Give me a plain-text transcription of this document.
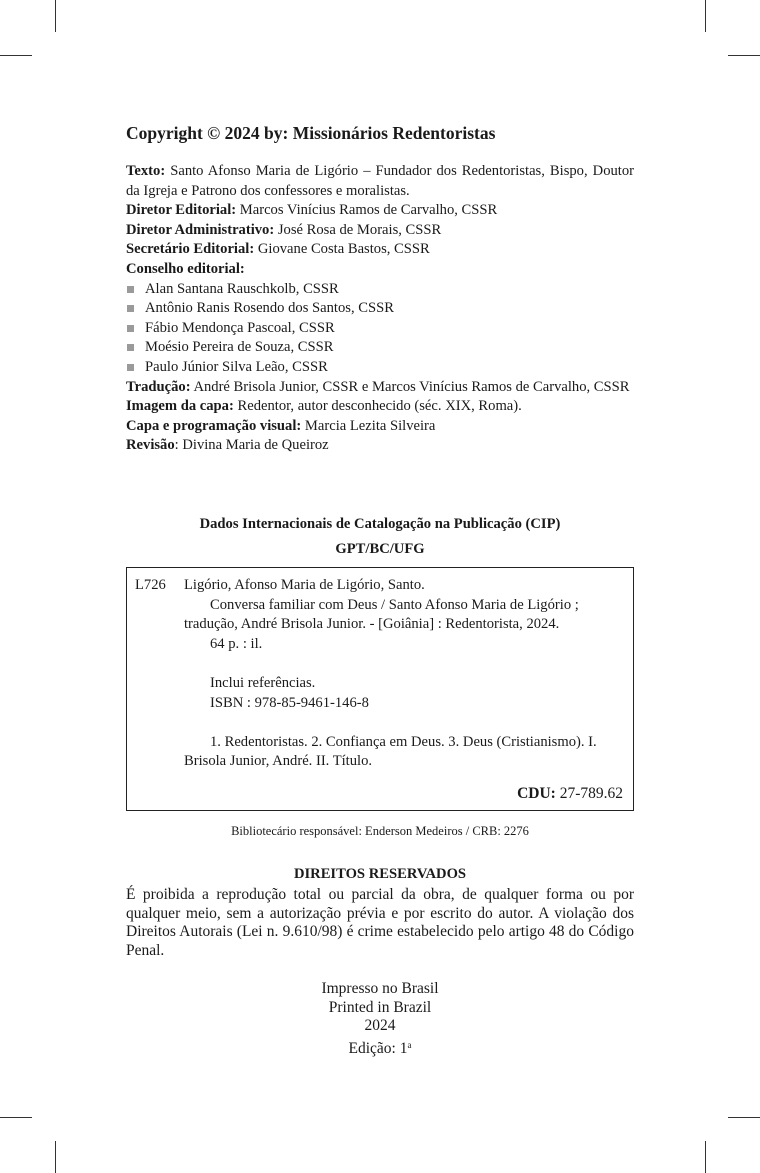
Copyright © 2024 by: Missionários Redentoristas

Texto: Santo Afonso Maria de Ligório – Fundador dos Redentoristas, Bispo, Doutor da Igreja e Patrono dos confessores e moralistas.

Diretor Editorial: Marcos Vinícius Ramos de Carvalho, CSSR

Diretor Administrativo: José Rosa de Morais, CSSR

Secretário Editorial: Giovane Costa Bastos, CSSR

Conselho editorial:

Alan Santana Rauschkolb, CSSR
Antônio Ranis Rosendo dos Santos, CSSR
Fábio Mendonça Pascoal, CSSR
Moésio Pereira de Souza, CSSR
Paulo Júnior Silva Leão, CSSR

Tradução: André Brisola Junior, CSSR e Marcos Vinícius Ramos de Carvalho, CSSR

Imagem da capa: Redentor, autor desconhecido (séc. XIX, Roma).

Capa e programação visual: Marcia Lezita Silveira

Revisão: Divina Maria de Queiroz

Dados Internacionais de Catalogação na Publicação (CIP)
GPT/BC/UFG
L726 Ligório, Afonso Maria de Ligório, Santo.

Conversa familiar com Deus / Santo Afonso Maria de Ligório ; tradução, André Brisola Junior. - [Goiânia] : Redentorista, 2024.

64 p. : il.

Inclui referências.

ISBN : 978-85-9461-146-8

1. Redentoristas. 2. Confiança em Deus. 3. Deus (Cristianismo). I. Brisola Junior, André. II. Título.

CDU: 27-789.62
Bibliotecário responsável: Enderson Medeiros / CRB: 2276
DIREITOS RESERVADOS

É proibida a reprodução total ou parcial da obra, de qualquer forma ou por qualquer meio, sem a autorização prévia e por escrito do autor. A violação dos Direitos Autorais (Lei n. 9.610/98) é crime estabelecido pelo artigo 48 do Código Penal.

Impresso no Brasil
Printed in Brazil
2024
Edição: 1$^a$
